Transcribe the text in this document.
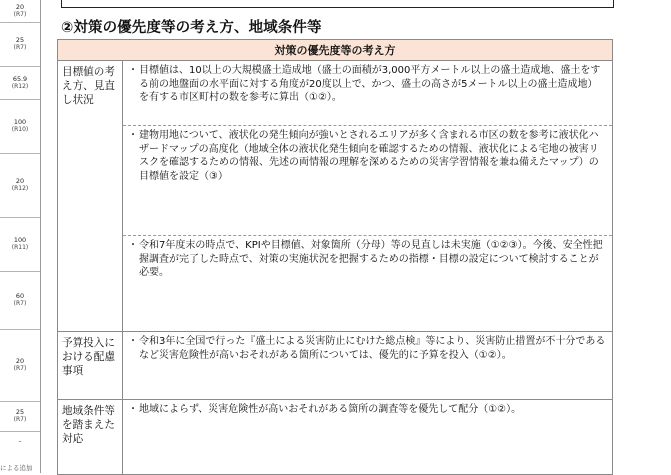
20
(R7)
25
(R7)
65.9
(R12)
100
(R10)
20
(R12)
100
(R11)
60
(R7)
20
(R7)
25
(R7)
–
による追加
②対策の優先度等の考え方、地域条件等
対策の優先度等の考え方
目標値の考え方、見直し状況
・ 目標値は、10以上の大規模盛土造成地（盛土の面積が3,000平方メートル以上の盛土造成地、盛土をする前の地盤面の水平面に対する角度が20度以上で、かつ、盛土の高さが5メートル以上の盛土造成地）を有する市区町村の数を参考に算出（①②）。
・ 建物用地について、液状化の発生傾向が強いとされるエリアが多く含まれる市区の数を参考に液状化ハザードマップの高度化（地域全体の液状化発生傾向を確認するための情報、液状化による宅地の被害リスクを確認するための情報、先述の両情報の理解を深めるための災害学習情報を兼ね備えたマップ）の目標値を設定（③）
・ 令和7年度末の時点で、KPIや目標値、対象箇所（分母）等の見直しは未実施（①②③）。今後、安全性把握調査が完了した時点で、対策の実施状況を把握するための指標・目標の設定について検討することが必要。
予算投入における配慮事項
・ 令和3年に全国で行った『盛土による災害防止にむけた総点検』等により、災害防止措置が不十分であるなど災害危険性が高いおそれがある箇所については、優先的に予算を投入（①②）。
地域条件等を踏まえた対応
・ 地域によらず、災害危険性が高いおそれがある箇所の調査等を優先して配分（①②）。
